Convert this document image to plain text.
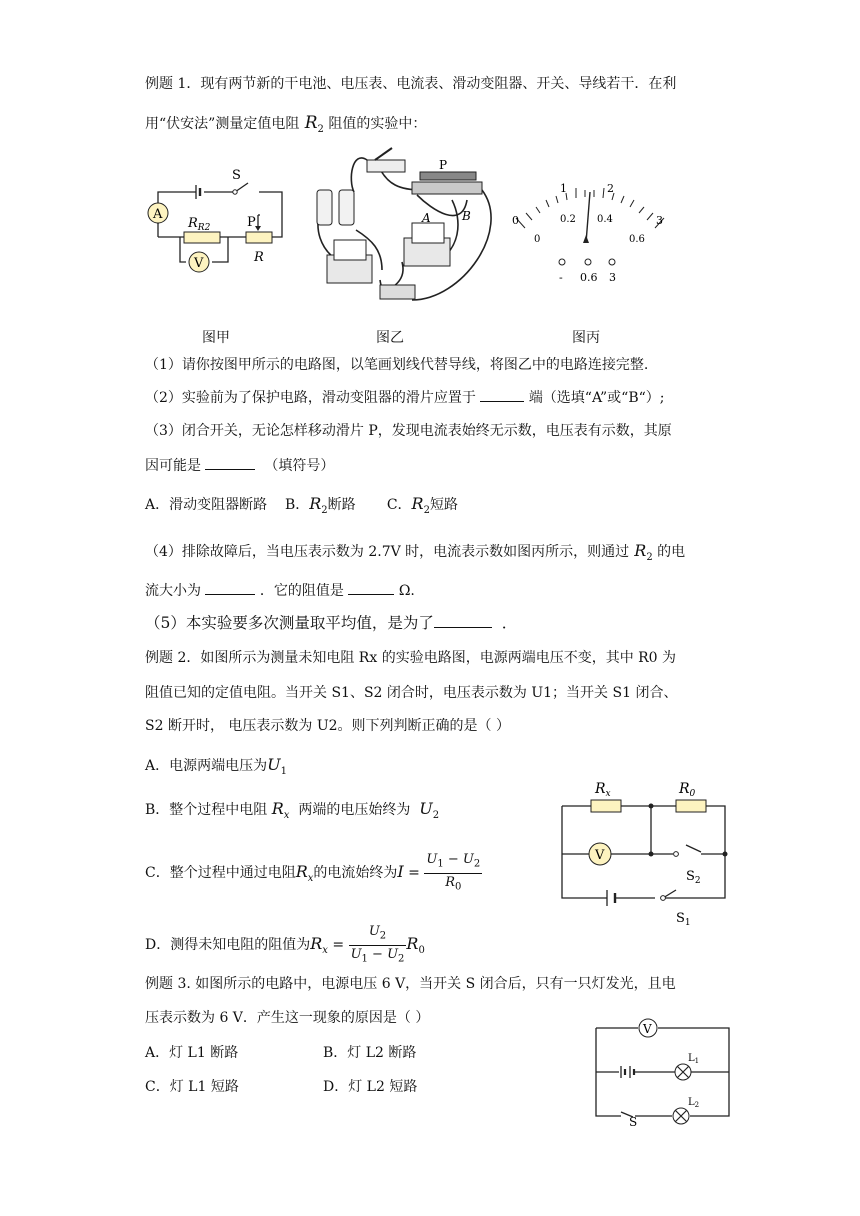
例题 1．现有两节新的干电池、电压表、电流表、滑动变阻器、开关、导线若干．在利
用“伏安法”测量定值电阻 $R_2$ 阻值的实验中：
A
V
S
$R_{R2}$	P
R
图甲
P
A	B
图乙
0
1	2
3
0
0.2 0.4
0.6
- 0.6 3
图丙
（1）请你按图甲所示的电路图，以笔画划线代替导线，将图乙中的电路连接完整.
（2）实验前为了保护电路，滑动变阻器的滑片应置于	端（选填“A”或“B“）;
（3）闭合开关，无论怎样移动滑片 P，发现电流表始终无示数，电压表有示数，其原
因可能是	（填符号）
A．滑动变阻器断路 B．$R_2$断路 C．$R_2$短路
（4）排除故障后，当电压表示数为 2.7V 时，电流表示数如图丙所示，则通过 $R_2$ 的电
流大小为	．它的阻值是	Ω.
（5）本实验要多次测量取平均值，是为了	．
例题 2．如图所示为测量未知电阻 Rx 的实验电路图，电源两端电压不变，其中 R0 为
阻值已知的定值电阻。当开关 S1、S2 闭合时，电压表示数为 U1；当开关 S1 闭合、
S2 断开时， 电压表示数为 U2。则下列判断正确的是（ ）
A．电源两端电压为$U_1$
B．整个过程中电阻 $R_x$ 两端的电压始终为 $U_2$
C．整个过程中通过电阻$R_x$的电流始终为$I = \frac{U_1 - U_2}{R_0}$
D．测得未知电阻的阻值为$R_x = \frac{U_2}{U_1 - U_2} R_0$
V
$R_x$	$R_0$
$S_2$
$S_1$
例题 3. 如图所示的电路中，电源电压 6 V，当开关 S 闭合后，只有一只灯发光，且电
压表示数为 6 V．产生这一现象的原因是（ ）
A．灯 L1 断路	B．灯 L2 断路
C．灯 L1 短路	D．灯 L2 短路
V
$L_1$
$L_2$
S
